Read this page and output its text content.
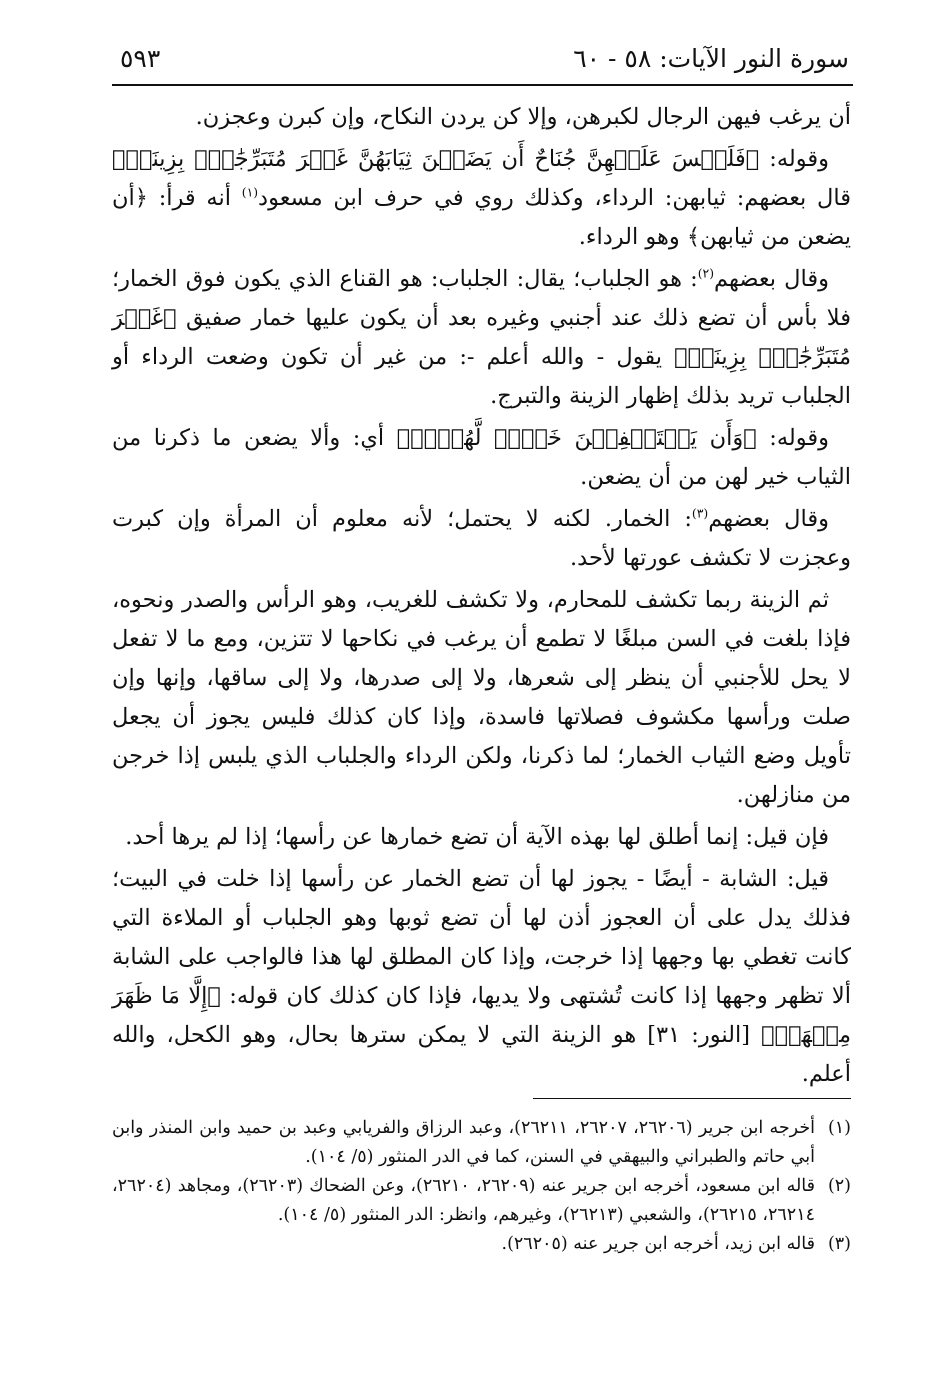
سورة النور الآيات: ٥٨ - ٦٠
٥٩٣

أن يرغب فيهن الرجال لكبرهن، وإلا كن يردن النكاح، وإن كبرن وعجزن.

وقوله: ﴿فَلَيۡسَ عَلَيۡهِنَّ جُنَاحٌ أَن يَضَعۡنَ ثِيَابَهُنَّ غَيۡرَ مُتَبَرِّجَٰتِۭ بِزِينَةٖ﴾ قال بعضهم: ثيابهن: الرداء، وكذلك روي في حرف ابن مسعود$^{(١)}$ أنه قرأ: ﴿أن يضعن من ثيابهن﴾ وهو الرداء.

وقال بعضهم$^{(٢)}$: هو الجلباب؛ يقال: الجلباب: هو القناع الذي يكون فوق الخمار؛ فلا بأس أن تضع ذلك عند أجنبي وغيره بعد أن يكون عليها خمار صفيق ﴿غَيۡرَ مُتَبَرِّجَٰتِۭ بِزِينَةٖ﴾ يقول - والله أعلم -: من غير أن تكون وضعت الرداء أو الجلباب تريد بذلك إظهار الزينة والتبرج.

وقوله: ﴿وَأَن يَسۡتَعۡفِفۡنَ خَيۡرٞ لَّهُنَّۗ﴾ أي: وألا يضعن ما ذكرنا من الثياب خير لهن من أن يضعن.

وقال بعضهم$^{(٣)}$: الخمار. لكنه لا يحتمل؛ لأنه معلوم أن المرأة وإن كبرت وعجزت لا تكشف عورتها لأحد.

ثم الزينة ربما تكشف للمحارم، ولا تكشف للغريب، وهو الرأس والصدر ونحوه، فإذا بلغت في السن مبلغًا لا تطمع أن يرغب في نكاحها لا تتزين، ومع ما لا تفعل لا يحل للأجنبي أن ينظر إلى شعرها، ولا إلى صدرها، ولا إلى ساقها، وإنها وإن صلت ورأسها مكشوف فصلاتها فاسدة، وإذا كان كذلك فليس يجوز أن يجعل تأويل وضع الثياب الخمار؛ لما ذكرنا، ولكن الرداء والجلباب الذي يلبس إذا خرجن من منازلهن.

فإن قيل: إنما أطلق لها بهذه الآية أن تضع خمارها عن رأسها؛ إذا لم يرها أحد.

قيل: الشابة - أيضًا - يجوز لها أن تضع الخمار عن رأسها إذا خلت في البيت؛ فذلك يدل على أن العجوز أذن لها أن تضع ثوبها وهو الجلباب أو الملاءة التي كانت تغطي بها وجهها إذا خرجت، وإذا كان المطلق لها هذا فالواجب على الشابة ألا تظهر وجهها إذا كانت تُشتهى ولا يديها، فإذا كان كذلك كان قوله: ﴿إِلَّا مَا ظَهَرَ مِنۡهَاۖ﴾ [النور: ٣١] هو الزينة التي لا يمكن سترها بحال، وهو الكحل، والله أعلم.

(١)
أخرجه ابن جرير (٢٦٢٠٦، ٢٦٢٠٧، ٢٦٢١١)، وعبد الرزاق والفريابي وعبد بن حميد وابن المنذر وابن أبي حاتم والطبراني والبيهقي في السنن، كما في الدر المنثور (٥/ ١٠٤).
(٢)
قاله ابن مسعود، أخرجه ابن جرير عنه (٢٦٢٠٩، ٢٦٢١٠)، وعن الضحاك (٢٦٢٠٣)، ومجاهد (٢٦٢٠٤، ٢٦٢١٤، ٢٦٢١٥)، والشعبي (٢٦٢١٣)، وغيرهم، وانظر: الدر المنثور (٥/ ١٠٤).
(٣)
قاله ابن زيد، أخرجه ابن جرير عنه (٢٦٢٠٥).
